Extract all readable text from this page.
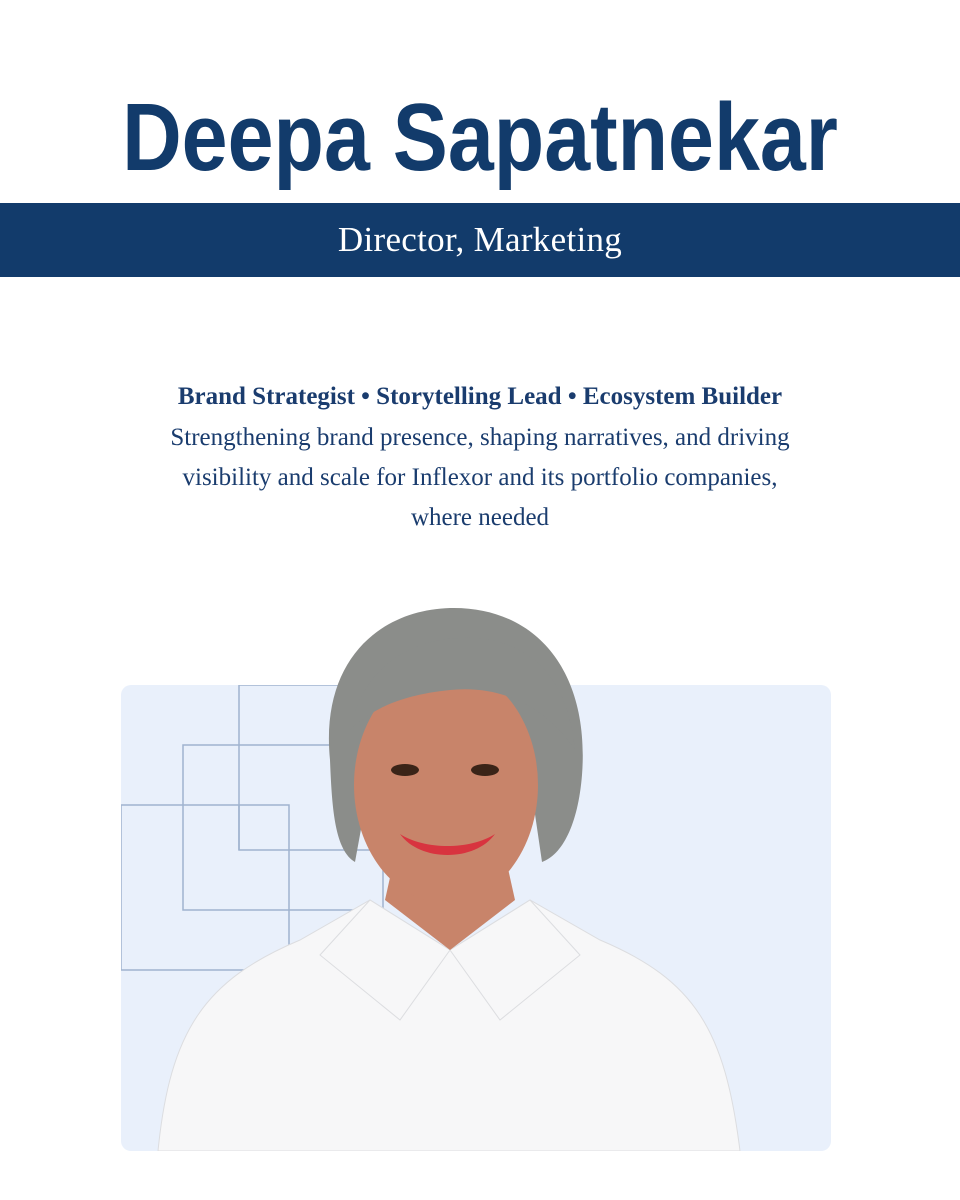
Deepa Sapatnekar
Director, Marketing
Brand Strategist • Storytelling Lead • Ecosystem Builder
Strengthening brand presence, shaping narratives, and driving visibility and scale for Inflexor and its portfolio companies, where needed
